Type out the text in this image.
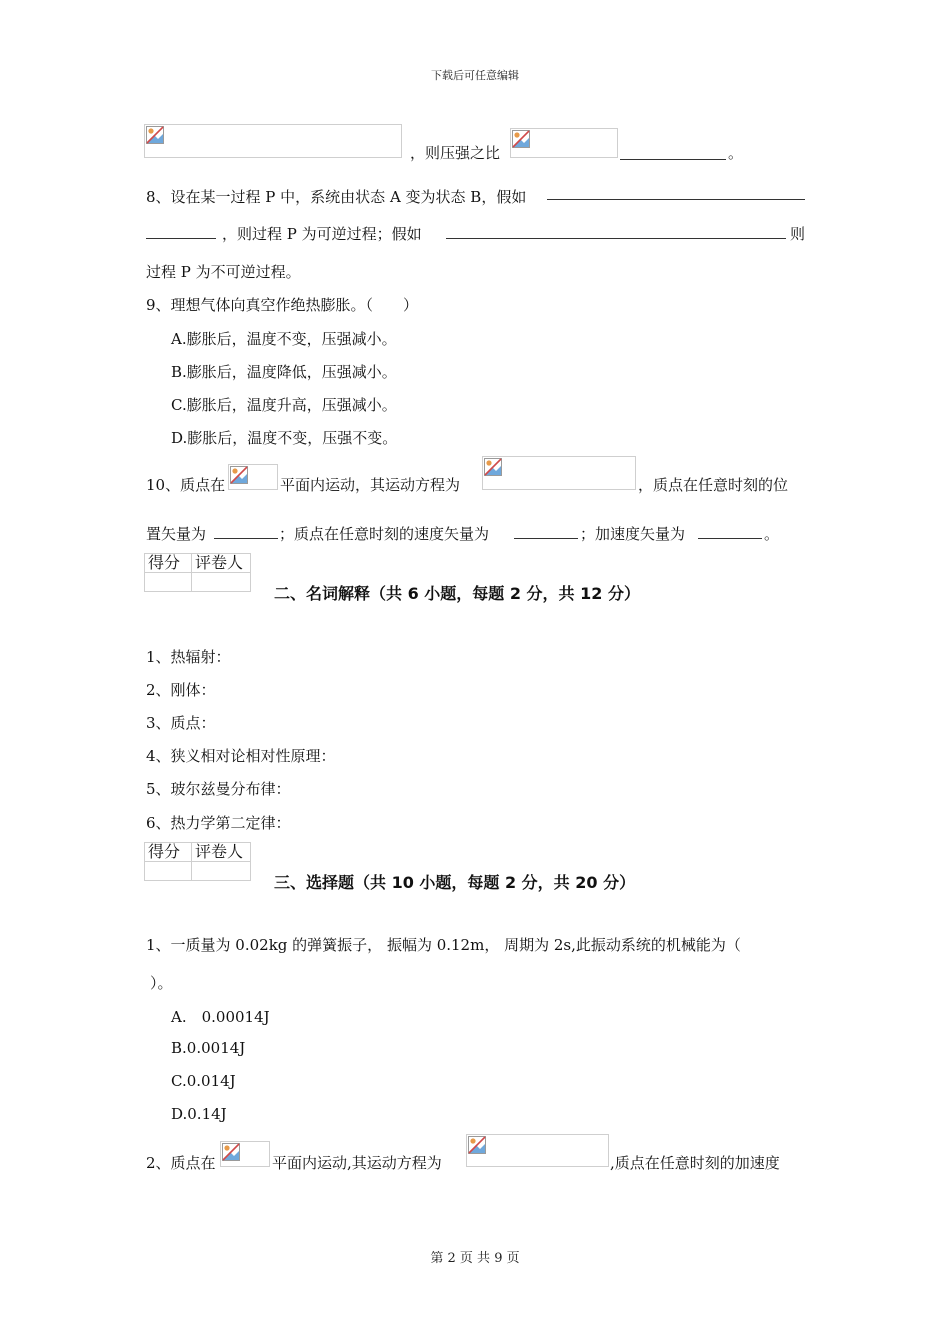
下载后可任意编辑
第 2 页 共 9 页
，则压强之比	。
8、设在某一过程 P 中，系统由状态 A 变为状态 B，假如
，则过程 P 为可逆过程；假如	则
过程 P 为不可逆过程。
9、理想气体向真空作绝热膨胀。（　　）
A.膨胀后，温度不变，压强减小。
B.膨胀后，温度降低，压强减小。
C.膨胀后，温度升高，压强减小。
D.膨胀后，温度不变，压强不变。
10、质点在	平面内运动，其运动方程为	，质点在任意时刻的位
置矢量为	；质点在任意时刻的速度矢量为	；加速度矢量为	。
得分	评卷人

二、名词解释（共 6 小题，每题 2 分，共 12 分）
1、热辐射：
2、刚体：
3、质点：
4、狭义相对论相对性原理：
5、玻尔兹曼分布律：
6、热力学第二定律：
得分	评卷人

三、选择题（共 10 小题，每题 2 分，共 20 分）
1、一质量为 0.02kg 的弹簧振子， 振幅为 0.12m， 周期为 2s,此振动系统的机械能为（
）。
A.　0.00014J
B.0.0014J
C.0.014J
D.0.14J
2、质点在	平面内运动,其运动方程为	,质点在任意时刻的加速度
